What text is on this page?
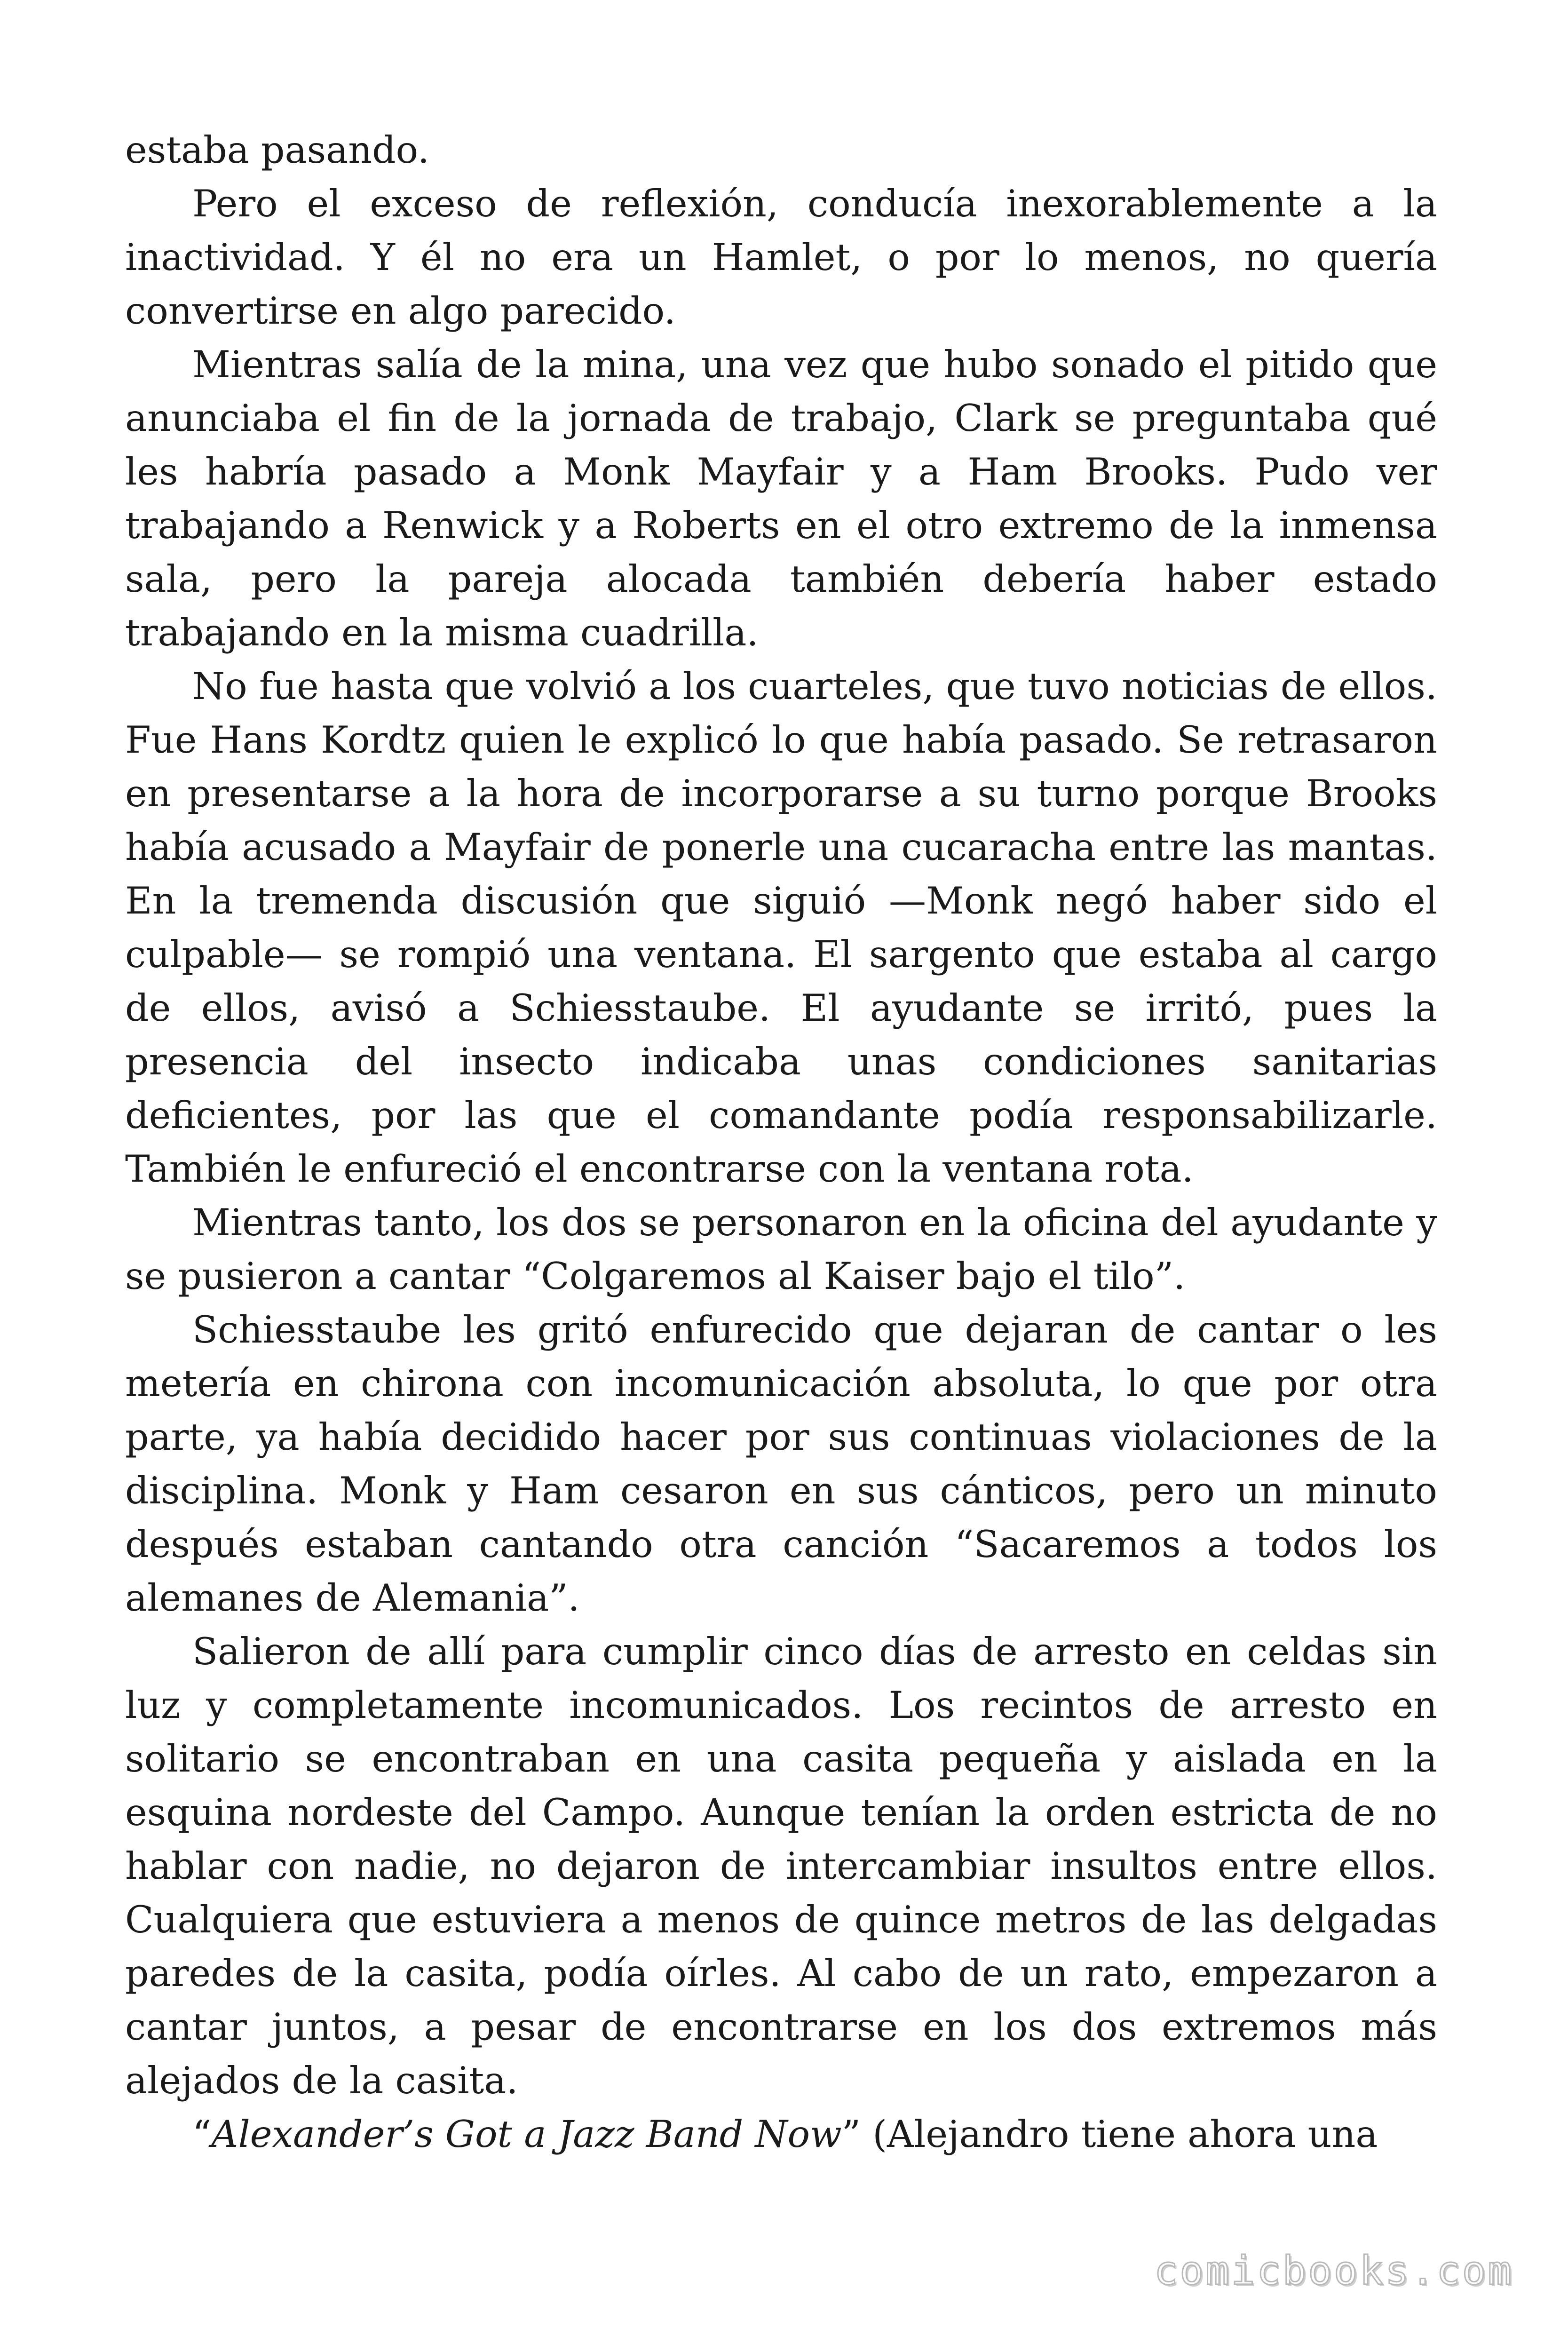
estaba pasando.

Pero el exceso de reflexión, conducía inexorablemente a la inactividad. Y él no era un Hamlet, o por lo menos, no quería convertirse en algo parecido.

Mientras salía de la mina, una vez que hubo sonado el pitido que anunciaba el fin de la jornada de trabajo, Clark se preguntaba qué les habría pasado a Monk Mayfair y a Ham Brooks. Pudo ver trabajando a Renwick y a Roberts en el otro extremo de la inmensa sala, pero la pareja alocada también debería haber estado trabajando en la misma cuadrilla.

No fue hasta que volvió a los cuarteles, que tuvo noticias de ellos. Fue Hans Kordtz quien le explicó lo que había pasado. Se retrasaron en presentarse a la hora de incorporarse a su turno porque Brooks había acusado a Mayfair de ponerle una cucaracha entre las mantas. En la tremenda discusión que siguió —Monk negó haber sido el culpable— se rompió una ventana. El sargento que estaba al cargo de ellos, avisó a Schiesstaube. El ayudante se irritó, pues la presencia del insecto indicaba unas condiciones sanitarias deficientes, por las que el comandante podía responsabilizarle. También le enfureció el encontrarse con la ventana rota.

Mientras tanto, los dos se personaron en la oficina del ayudante y se pusieron a cantar “Colgaremos al Kaiser bajo el tilo”.

Schiesstaube les gritó enfurecido que dejaran de cantar o les metería en chirona con incomunicación absoluta, lo que por otra parte, ya había decidido hacer por sus continuas violaciones de la disciplina. Monk y Ham cesaron en sus cánticos, pero un minuto después estaban cantando otra canción “Sacaremos a todos los alemanes de Alemania”.

Salieron de allí para cumplir cinco días de arresto en celdas sin luz y completamente incomunicados. Los recintos de arresto en solitario se encontraban en una casita pequeña y aislada en la esquina nordeste del Campo. Aunque tenían la orden estricta de no hablar con nadie, no dejaron de intercambiar insultos entre ellos. Cualquiera que estuviera a menos de quince metros de las delgadas paredes de la casita, podía oírles. Al cabo de un rato, empezaron a cantar juntos, a pesar de encontrarse en los dos extremos más alejados de la casita.

“Alexander’s Got a Jazz Band Now” (Alejandro tiene ahora una

comicbooks.com
